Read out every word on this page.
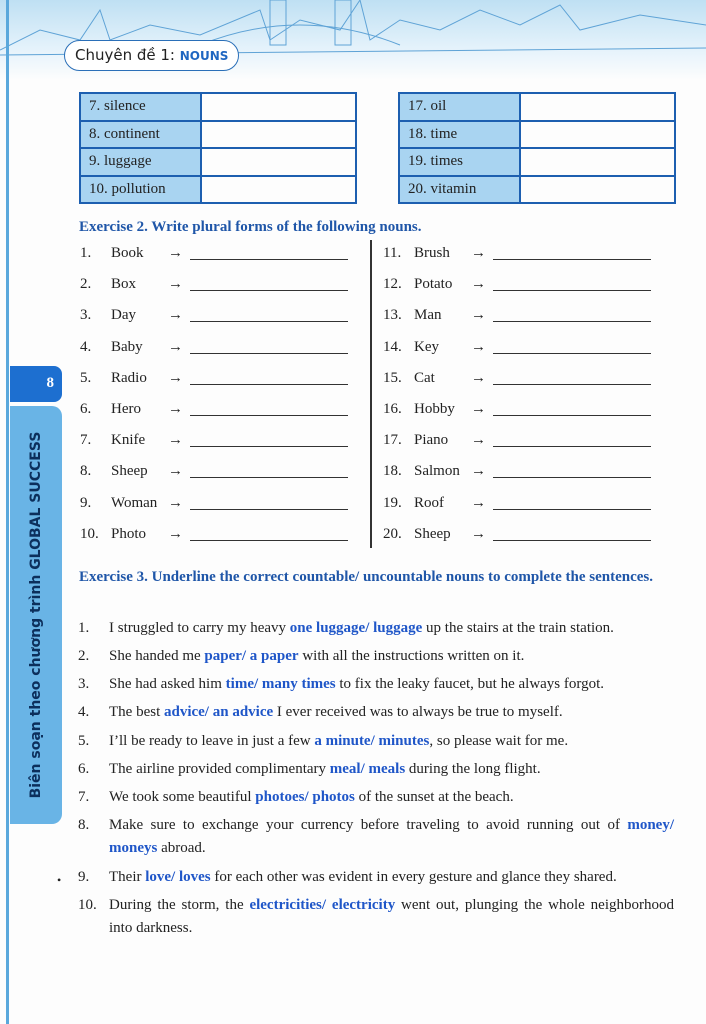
Chuyên đề 1: NOUNS
8
Biên soạn theo chương trình GLOBAL SUCCESS
7. silence	
8. continent	
9. luggage	
10. pollution	
17. oil	
18. time	
19. times	
20. vitamin	
Exercise 2. Write plural forms of the following nouns.
1. Book →
2. Box →
3. Day →
4. Baby →
5. Radio →
6. Hero →
7. Knife →
8. Sheep →
9. Woman →
10. Photo →
11. Brush →
12. Potato →
13. Man →
14. Key →
15. Cat →
16. Hobby →
17. Piano →
18. Salmon →
19. Roof →
20. Sheep →
Exercise 3. Underline the correct countable/ uncountable nouns to complete the sentences.
1. I struggled to carry my heavy one luggage/ luggage up the stairs at the train station.
2. She handed me paper/ a paper with all the instructions written on it.
3. She had asked him time/ many times to fix the leaky faucet, but he always forgot.
4. The best advice/ an advice I ever received was to always be true to myself.
5. I’ll be ready to leave in just a few a minute/ minutes, so please wait for me.
6. The airline provided complimentary meal/ meals during the long flight.
7. We took some beautiful photoes/ photos of the sunset at the beach.
8. Make sure to exchange your currency before traveling to avoid running out of money/ moneys abroad.
9. Their love/ loves for each other was evident in every gesture and glance they shared.
10. During the storm, the electricities/ electricity went out, plunging the whole neighborhood into darkness.
•
